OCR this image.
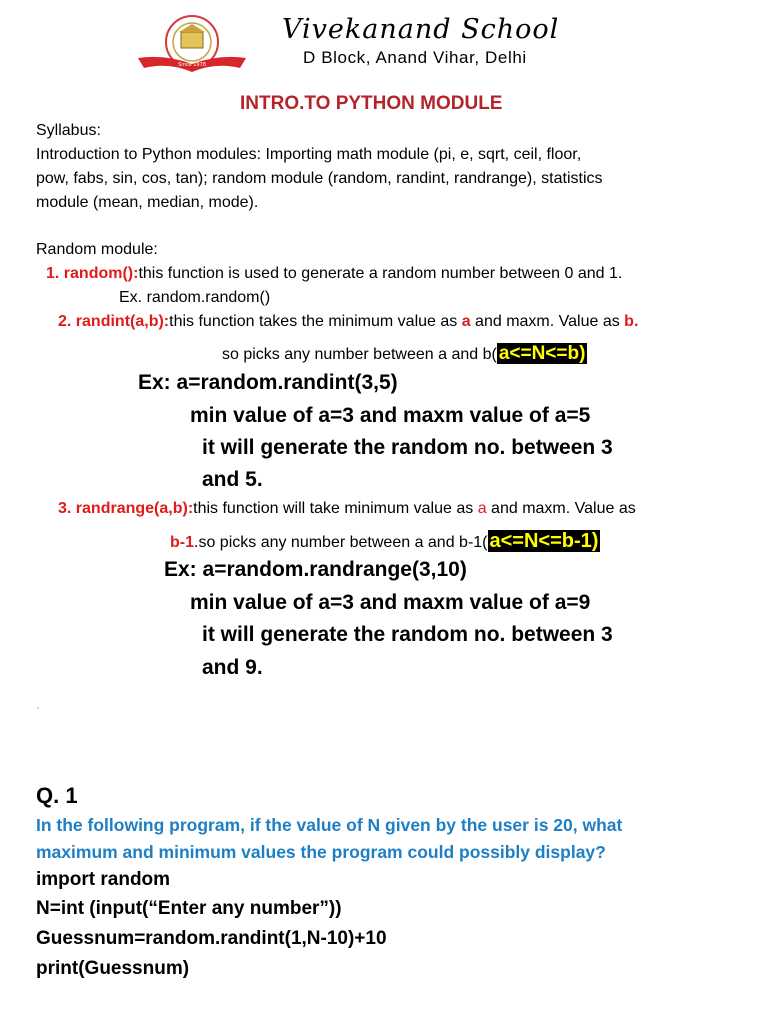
Since 1978
Vivekanand School
D Block, Anand Vihar, Delhi
INTRO.TO PYTHON MODULE
Syllabus:
Introduction to Python modules: Importing math module (pi, e, sqrt, ceil, floor,
pow, fabs, sin, cos, tan); random module (random, randint, randrange), statistics
module (mean, median, mode).
Random module:
1. random():this function is used to generate a random number between 0 and 1.
Ex. random.random()
2. randint(a,b):this function takes the minimum value as a and maxm. Value as b.
so picks any number between a and b( a<=N<=b)
Ex: a=random.randint(3,5)
min value of a=3 and maxm value of a=5
it will generate the random no. between 3
and 5.
3. randrange(a,b):this function will take minimum value as a and maxm. Value as
b-1.so picks any number between a and b-1( a<=N<=b-1)
Ex: a=random.randrange(3,10)
min value of a=3 and maxm value of a=9
it will generate the random no. between 3
and 9.
.
Q. 1
In the following program, if the value of N given by the user is 20, what
maximum and minimum values the program could possibly display?
import random
N=int (input(“Enter any number”))
Guessnum=random.randint(1,N-10)+10
print(Guessnum)
